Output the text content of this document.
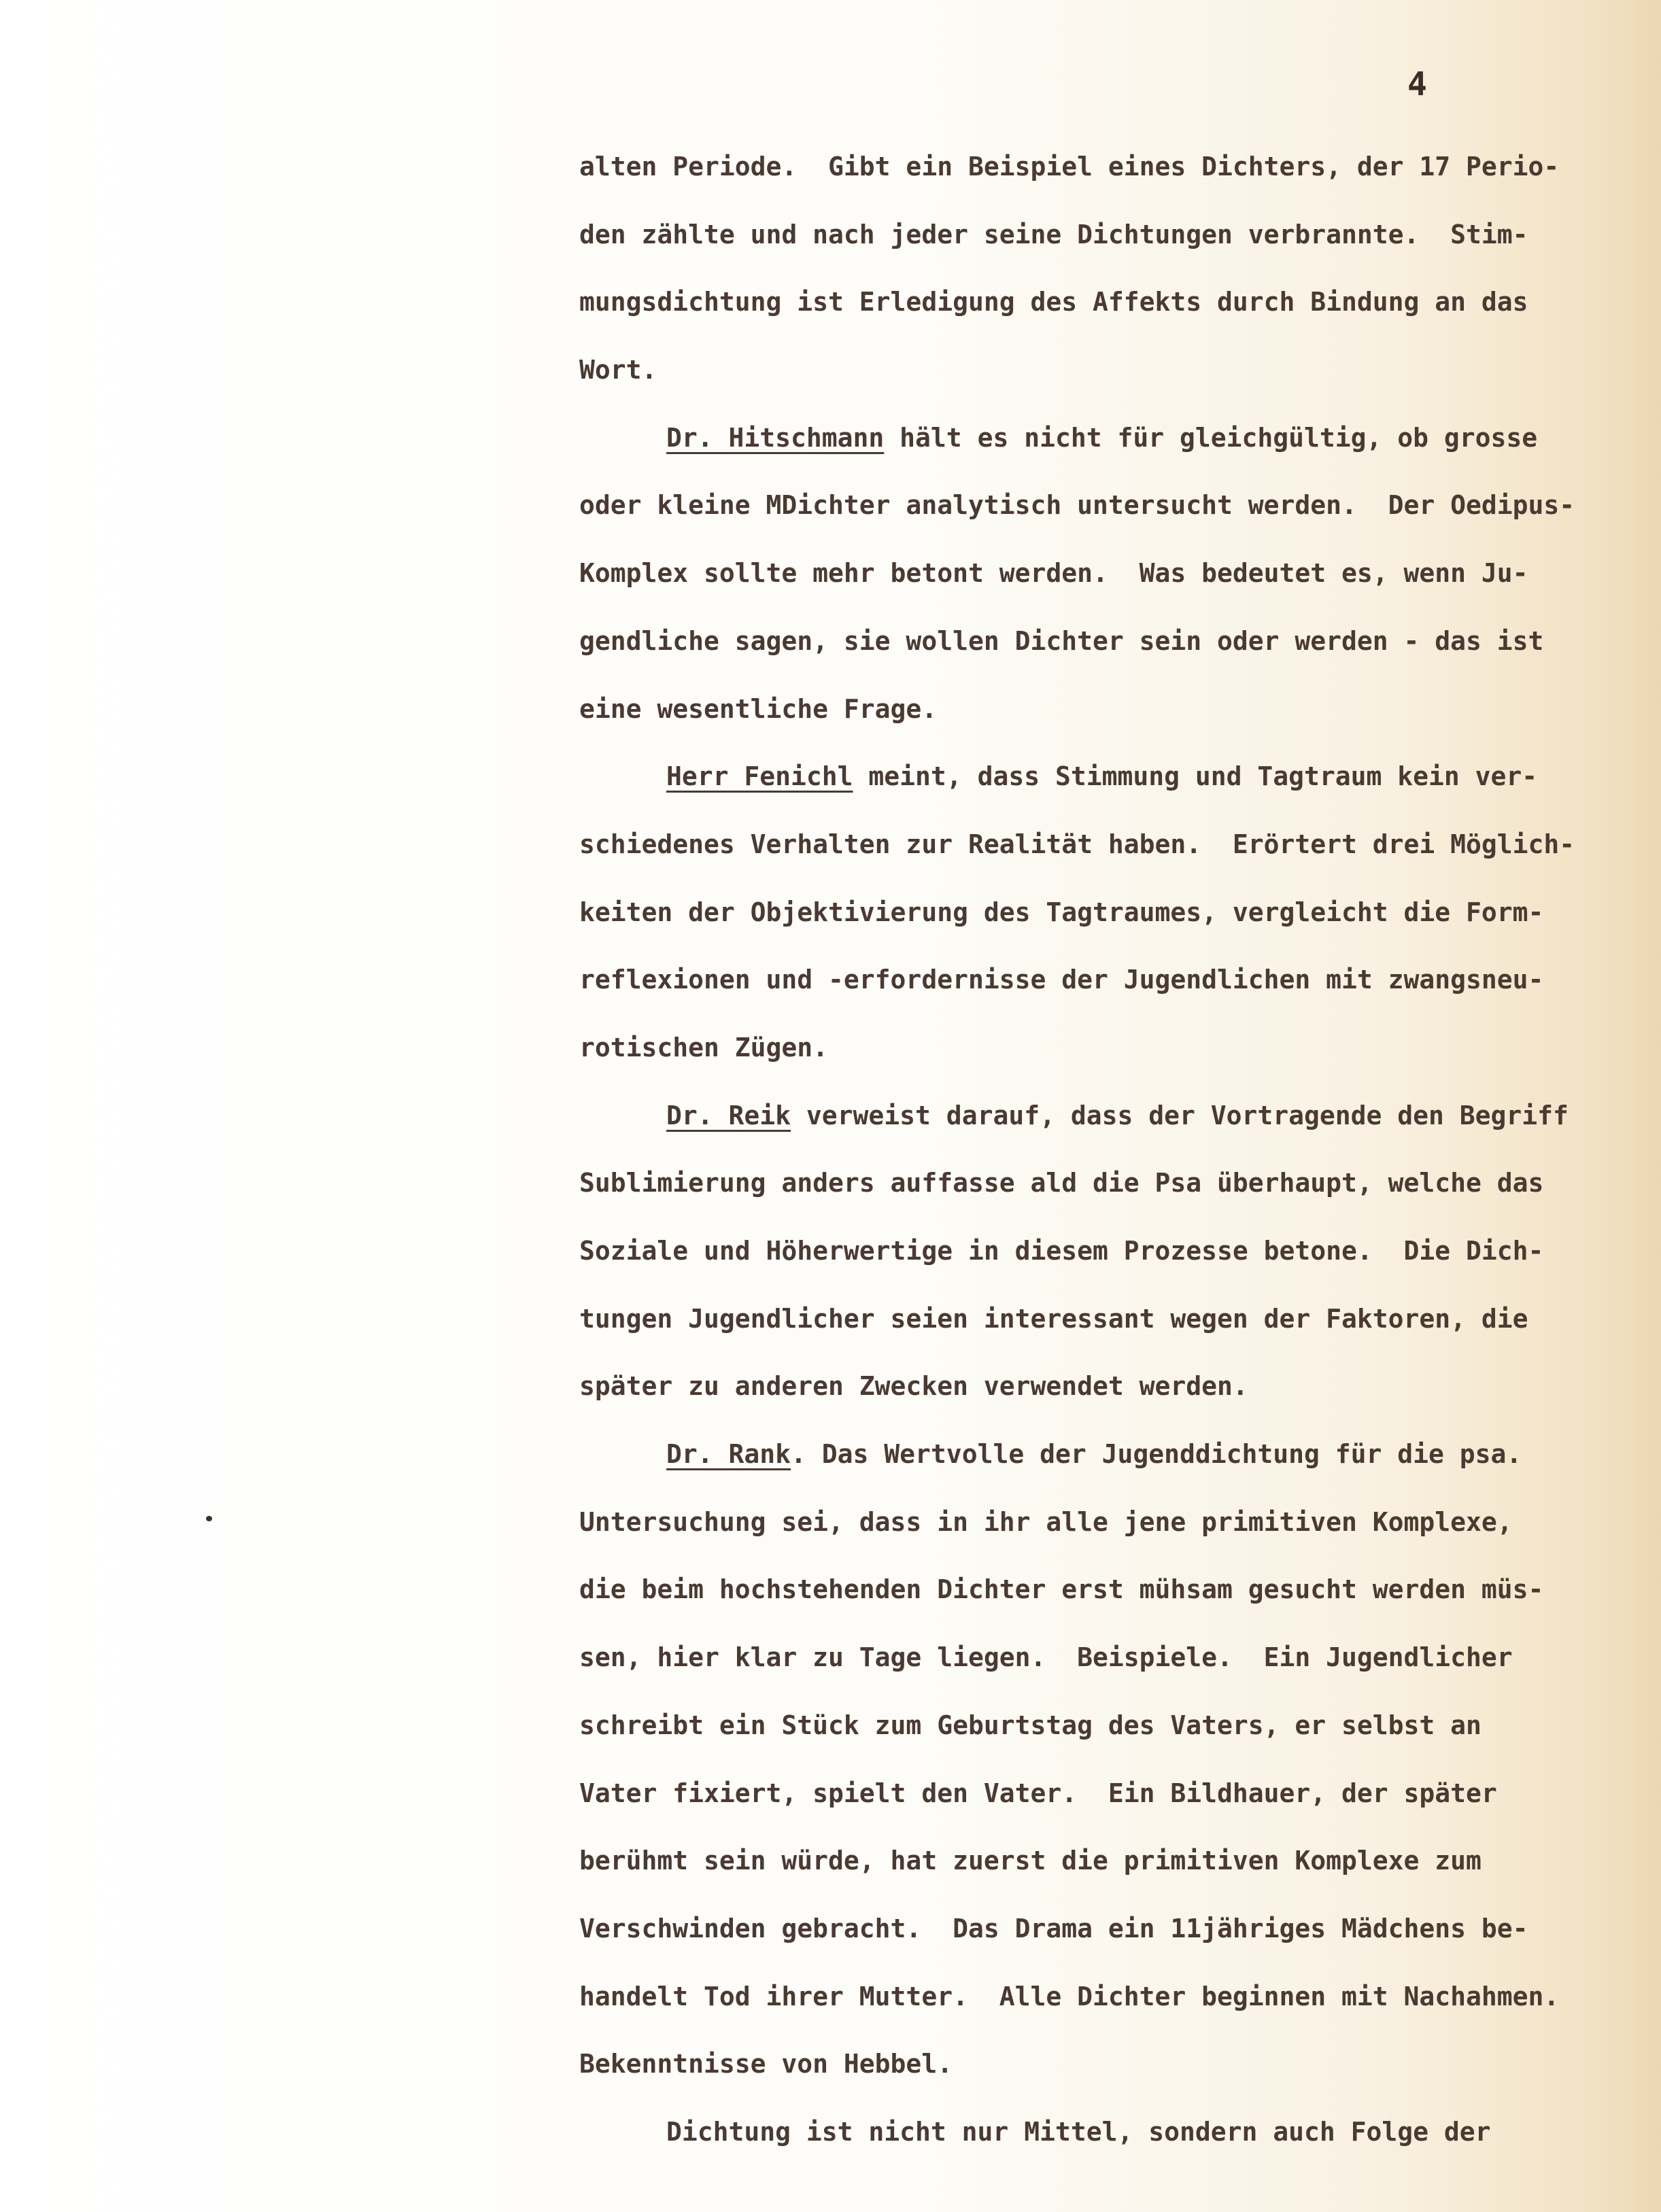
4
alten Periode.  Gibt ein Beispiel eines Dichters, der 17 Perio-
den zählte und nach jeder seine Dichtungen verbrannte.  Stim-
mungsdichtung ist Erledigung des Affekts durch Bindung an das
Wort.
Dr. Hitschmann hält es nicht für gleichgültig, ob grosse
oder kleine MDichter analytisch untersucht werden.  Der Oedipus-
Komplex sollte mehr betont werden.  Was bedeutet es, wenn Ju-
gendliche sagen, sie wollen Dichter sein oder werden - das ist
eine wesentliche Frage.
Herr Fenichl meint, dass Stimmung und Tagtraum kein ver-
schiedenes Verhalten zur Realität haben.  Erörtert drei Möglich-
keiten der Objektivierung des Tagtraumes, vergleicht die Form-
reflexionen und -erfordernisse der Jugendlichen mit zwangsneu-
rotischen Zügen.
Dr. Reik verweist darauf, dass der Vortragende den Begriff
Sublimierung anders auffasse ald die Psa überhaupt, welche das
Soziale und Höherwertige in diesem Prozesse betone.  Die Dich-
tungen Jugendlicher seien interessant wegen der Faktoren, die
später zu anderen Zwecken verwendet werden.
Dr. Rank. Das Wertvolle der Jugenddichtung für die psa.
Untersuchung sei, dass in ihr alle jene primitiven Komplexe,
die beim hochstehenden Dichter erst mühsam gesucht werden müs-
sen, hier klar zu Tage liegen.  Beispiele.  Ein Jugendlicher
schreibt ein Stück zum Geburtstag des Vaters, er selbst an
Vater fixiert, spielt den Vater.  Ein Bildhauer, der später
berühmt sein würde, hat zuerst die primitiven Komplexe zum
Verschwinden gebracht.  Das Drama ein 11jähriges Mädchens be-
handelt Tod ihrer Mutter.  Alle Dichter beginnen mit Nachahmen.
Bekenntnisse von Hebbel.
Dichtung ist nicht nur Mittel, sondern auch Folge der
